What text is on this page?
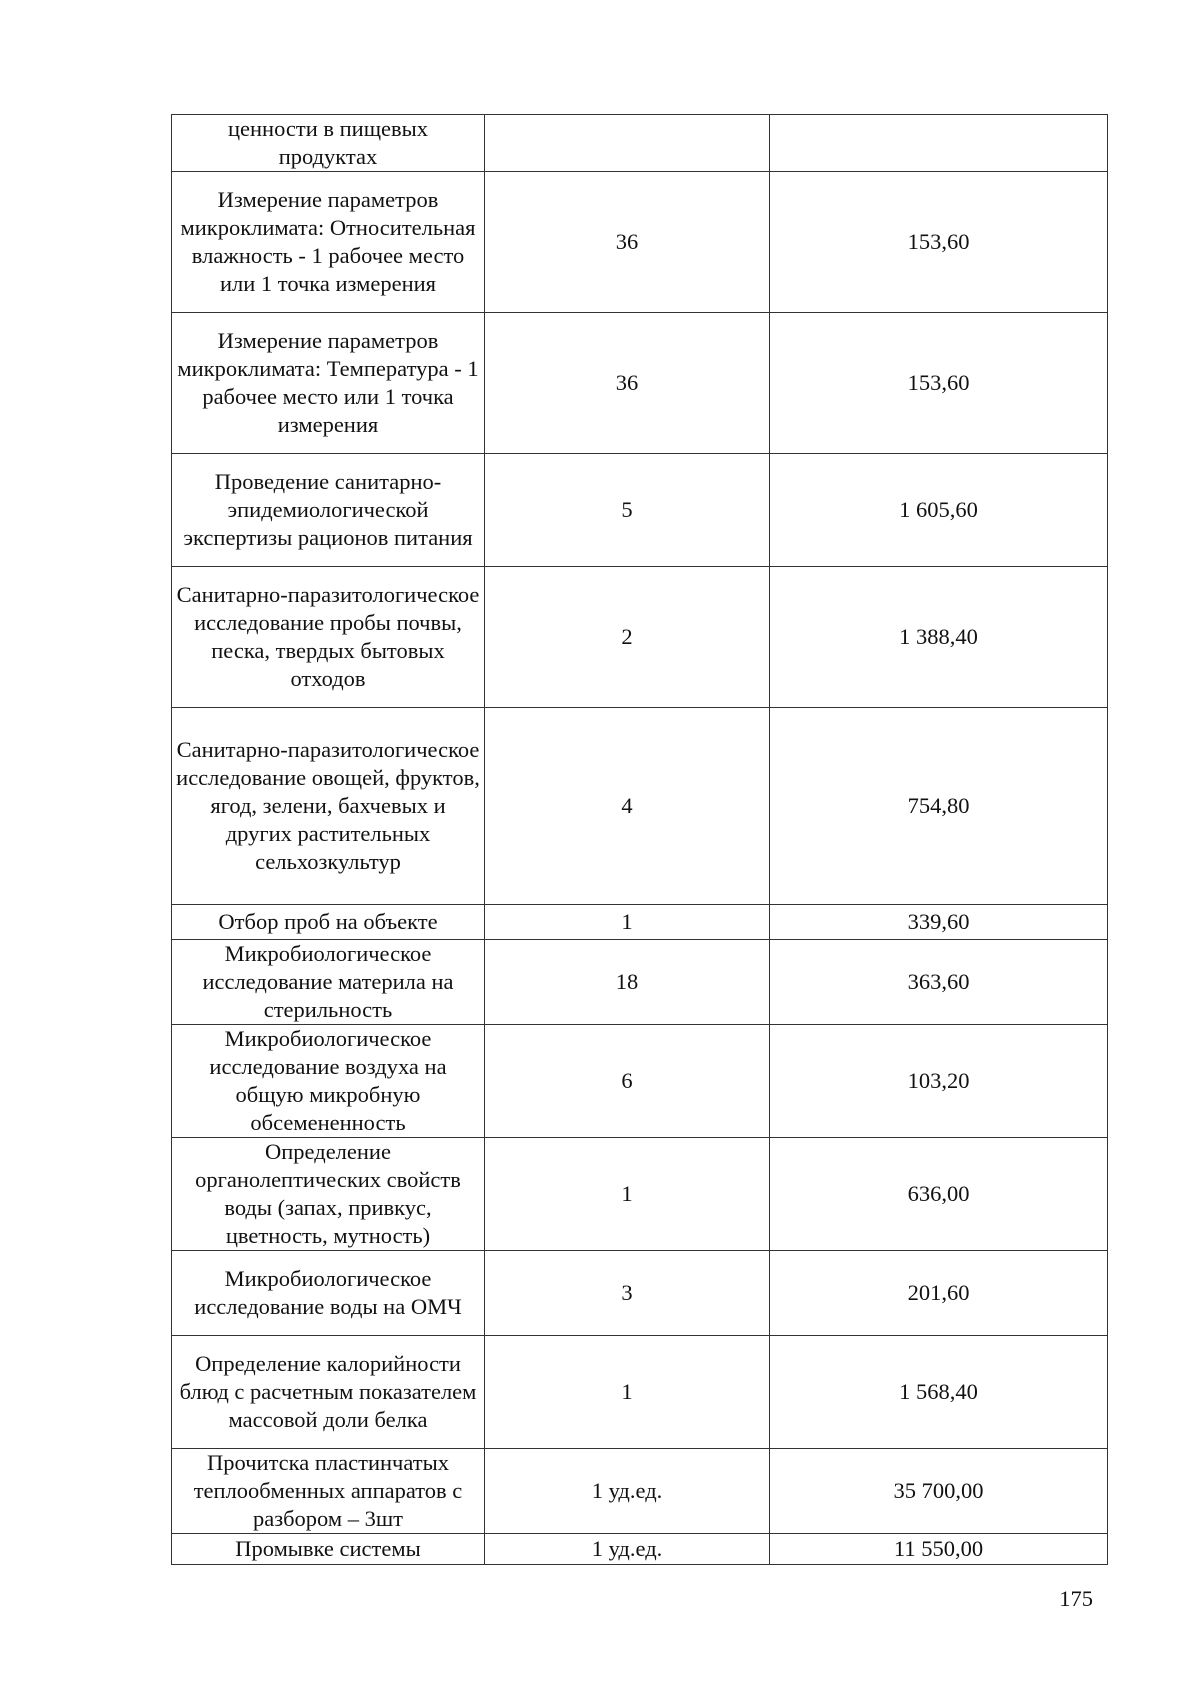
ценности в пищевых продуктах		
Измерение параметров микроклимата: Относительная влажность - 1 рабочее место или 1 точка измерения	36	153,60
Измерение параметров микроклимата: Температура - 1 рабочее место или 1 точка измерения	36	153,60
Проведение санитарно-эпидемиологической экспертизы рационов питания	5	1 605,60
Санитарно-паразитологическое исследование пробы почвы, песка, твердых бытовых отходов	2	1 388,40
Санитарно-паразитологическое исследование овощей, фруктов, ягод, зелени, бахчевых и других растительных сельхозкультур	4	754,80
Отбор проб на объекте	1	339,60
Микробиологическое исследование материла на стерильность	18	363,60
Микробиологическое исследование воздуха на общую микробную обсемененность	6	103,20
Определение органолептических свойств воды (запах, привкус, цветность, мутность)	1	636,00
Микробиологическое исследование воды на ОМЧ	3	201,60
Определение калорийности блюд с расчетным показателем массовой доли белка	1	1 568,40
Прочитска пластинчатых теплообменных аппаратов с разбором – 3шт	1 уд.ед.	35 700,00
Промывке системы	1 уд.ед.	11 550,00
175
